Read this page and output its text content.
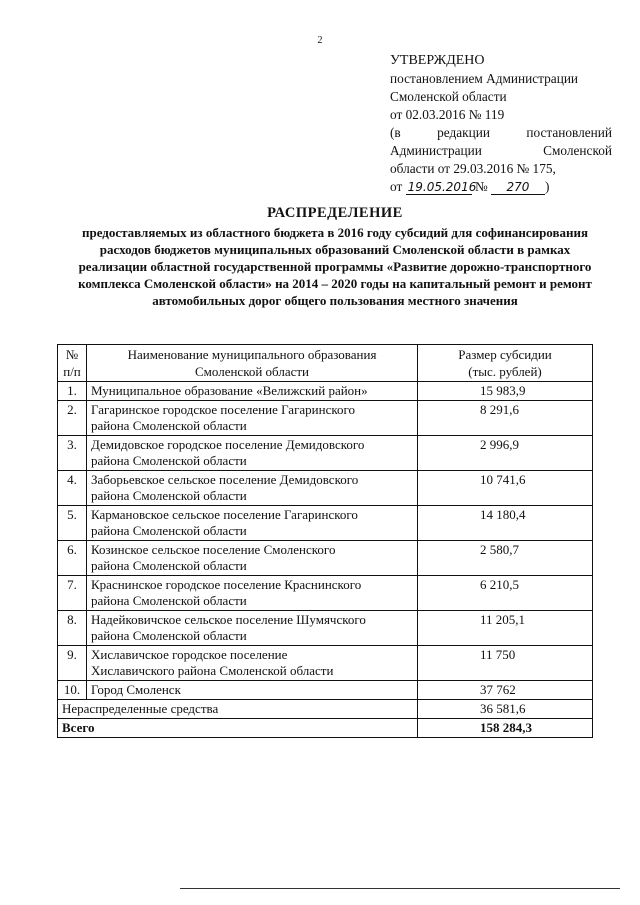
2
УТВЕРЖДЕНО
постановлением Администрации
Смоленской области
от 02.03.2016 № 119
(в редакции постановлений
Администрации Смоленской
области от 29.03.2016 № 175,
от 19.05.2016 № 270 )
РАСПРЕДЕЛЕНИЕ
предоставляемых из областного бюджета в 2016 году субсидий для софинансирования расходов бюджетов муниципальных образований Смоленской области в рамках реализации областной государственной программы «Развитие дорожно-транспортного комплекса Смоленской области» на 2014 – 2020 годы на капитальный ремонт и ремонт автомобильных дорог общего пользования местного значения
№
п/п	Наименование муниципального образования
Смоленской области	Размер субсидии
(тыс. рублей)
1.	Муниципальное образование «Велижский район»	15 983,9
2.	Гагаринское городское поселение Гагаринского
района Смоленской области	8 291,6
3.	Демидовское городское поселение Демидовского
района Смоленской области	2 996,9
4.	Заборьевское сельское поселение Демидовского
района Смоленской области	10 741,6
5.	Кармановское сельское поселение Гагаринского
района Смоленской области	14 180,4
6.	Козинское сельское поселение Смоленского
района Смоленской области	2 580,7
7.	Краснинское городское поселение Краснинского
района Смоленской области	6 210,5
8.	Надейковичское сельское поселение Шумячского
района Смоленской области	11 205,1
9.	Хиславичское городское поселение
Хиславичского района Смоленской области	11 750
10.	Город Смоленск	37 762
Нераспределенные средства		36 581,6
Всего		158 284,3
